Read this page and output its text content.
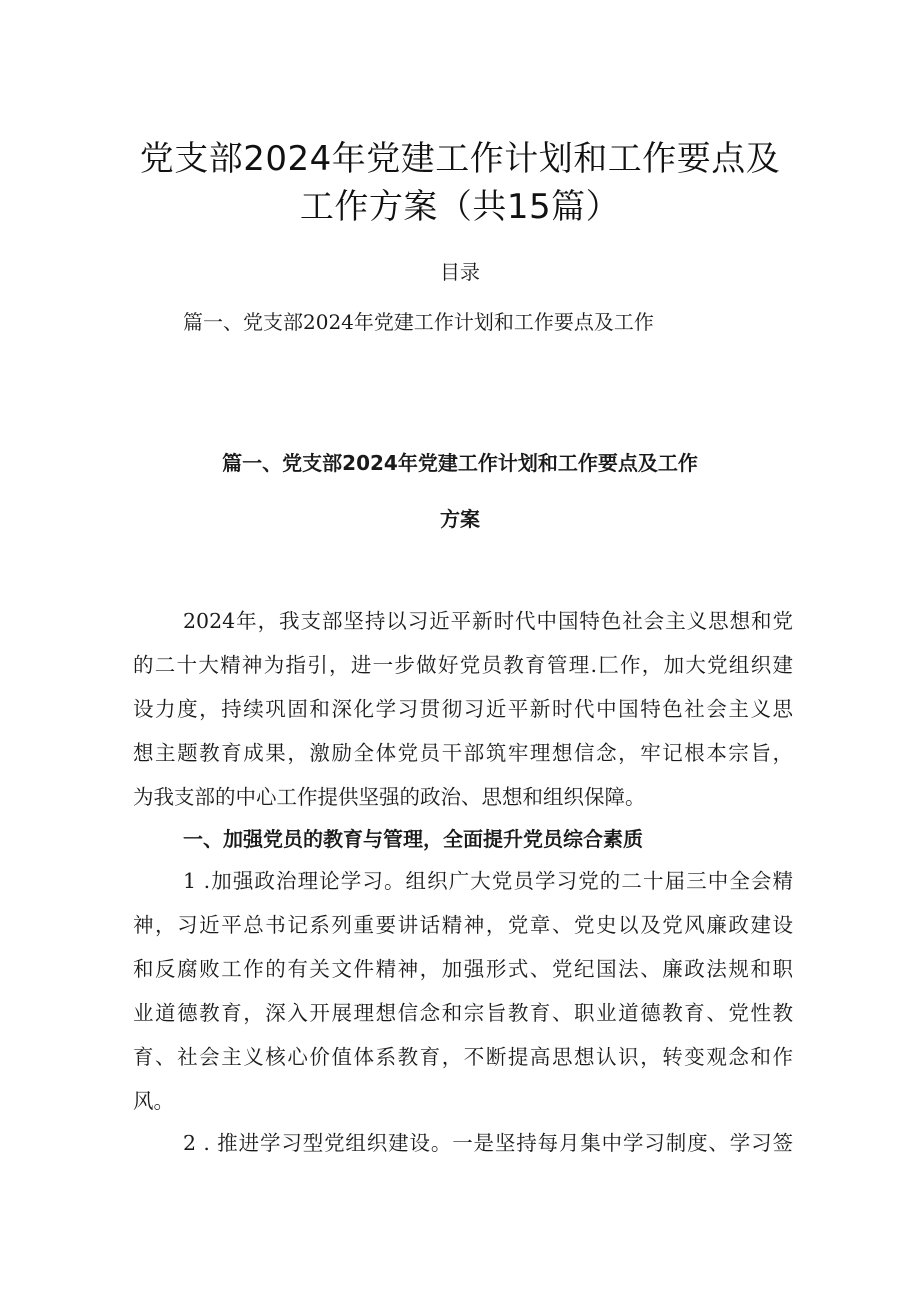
党支部2024年党建工作计划和工作要点及
工作方案（共15篇）
目录
篇一、党支部2024年党建工作计划和工作要点及工作
篇一、党支部2024年党建工作计划和工作要点及工作
方案
2024年，我支部坚持以习近平新时代中国特色社会主义思想和党
的二十大精神为指引，进一步做好党员教育管理.匚作，加大党组织建
设力度，持续巩固和深化学习贯彻习近平新时代中国特色社会主义思
想主题教育成果，激励全体党员干部筑牢理想信念，牢记根本宗旨，
为我支部的中心工作提供坚强的政治、思想和组织保障。
一、加强党员的教育与管理，全面提升党员综合素质
1 .加强政治理论学习。组织广大党员学习党的二十届三中全会精
神，习近平总书记系列重要讲话精神，党章、党史以及党风廉政建设
和反腐败工作的有关文件精神，加强形式、党纪国法、廉政法规和职
业道德教育，深入开展理想信念和宗旨教育、职业道德教育、党性教
育、社会主义核心价值体系教育，不断提高思想认识，转变观念和作
风。
2 . 推进学习型党组织建设。一是坚持每月集中学习制度、学习签
